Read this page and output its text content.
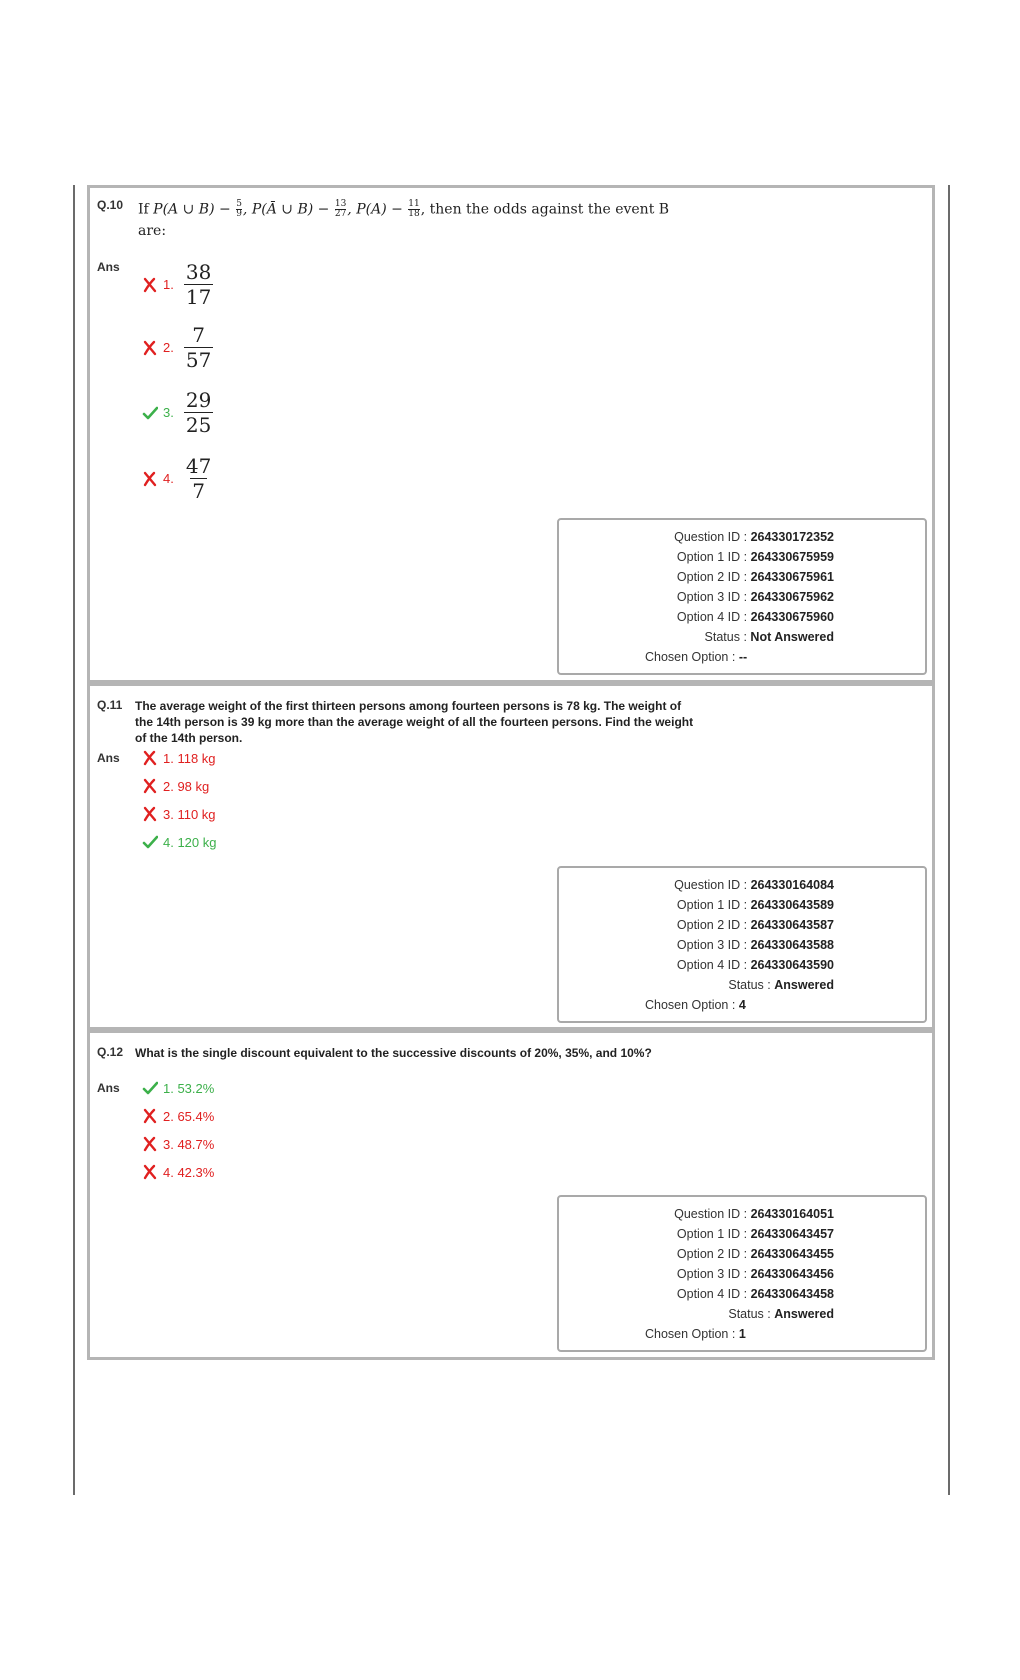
Q.10 If P(A ∪ $B) - \frac{5}{9}$ , P(Ā ∪ $B) - \frac{13}{27}$ , $P(A) - \frac{11}{18}$ , then the odds against the event B
are:
Ans
1. $\frac{38}{17}$
2. $\frac{7}{57}$
3. $\frac{29}{25}$
4. $\frac{47}{7}$
Question ID : 264330172352
Option 1 ID : 264330675959
Option 2 ID : 264330675961
Option 3 ID : 264330675962
Option 4 ID : 264330675960
Status : Not Answered
Chosen Option : --
Q.11 The average weight of the first thirteen persons among fourteen persons is 78 kg. The weight of the 14th person is 39 kg more than the average weight of all the fourteen persons. Find the weight of the 14th person.
Ans	1. 118 kg
2. 98 kg
3. 110 kg
4. 120 kg
Question ID : 264330164084
Option 1 ID : 264330643589
Option 2 ID : 264330643587
Option 3 ID : 264330643588
Option 4 ID : 264330643590
Status : Answered
Chosen Option : 4
Q.12 What is the single discount equivalent to the successive discounts of 20%, 35%, and 10%?
Ans	1. 53.2%
2. 65.4%
3. 48.7%
4. 42.3%
Question ID : 264330164051
Option 1 ID : 264330643457
Option 2 ID : 264330643455
Option 3 ID : 264330643456
Option 4 ID : 264330643458
Status : Answered
Chosen Option : 1
